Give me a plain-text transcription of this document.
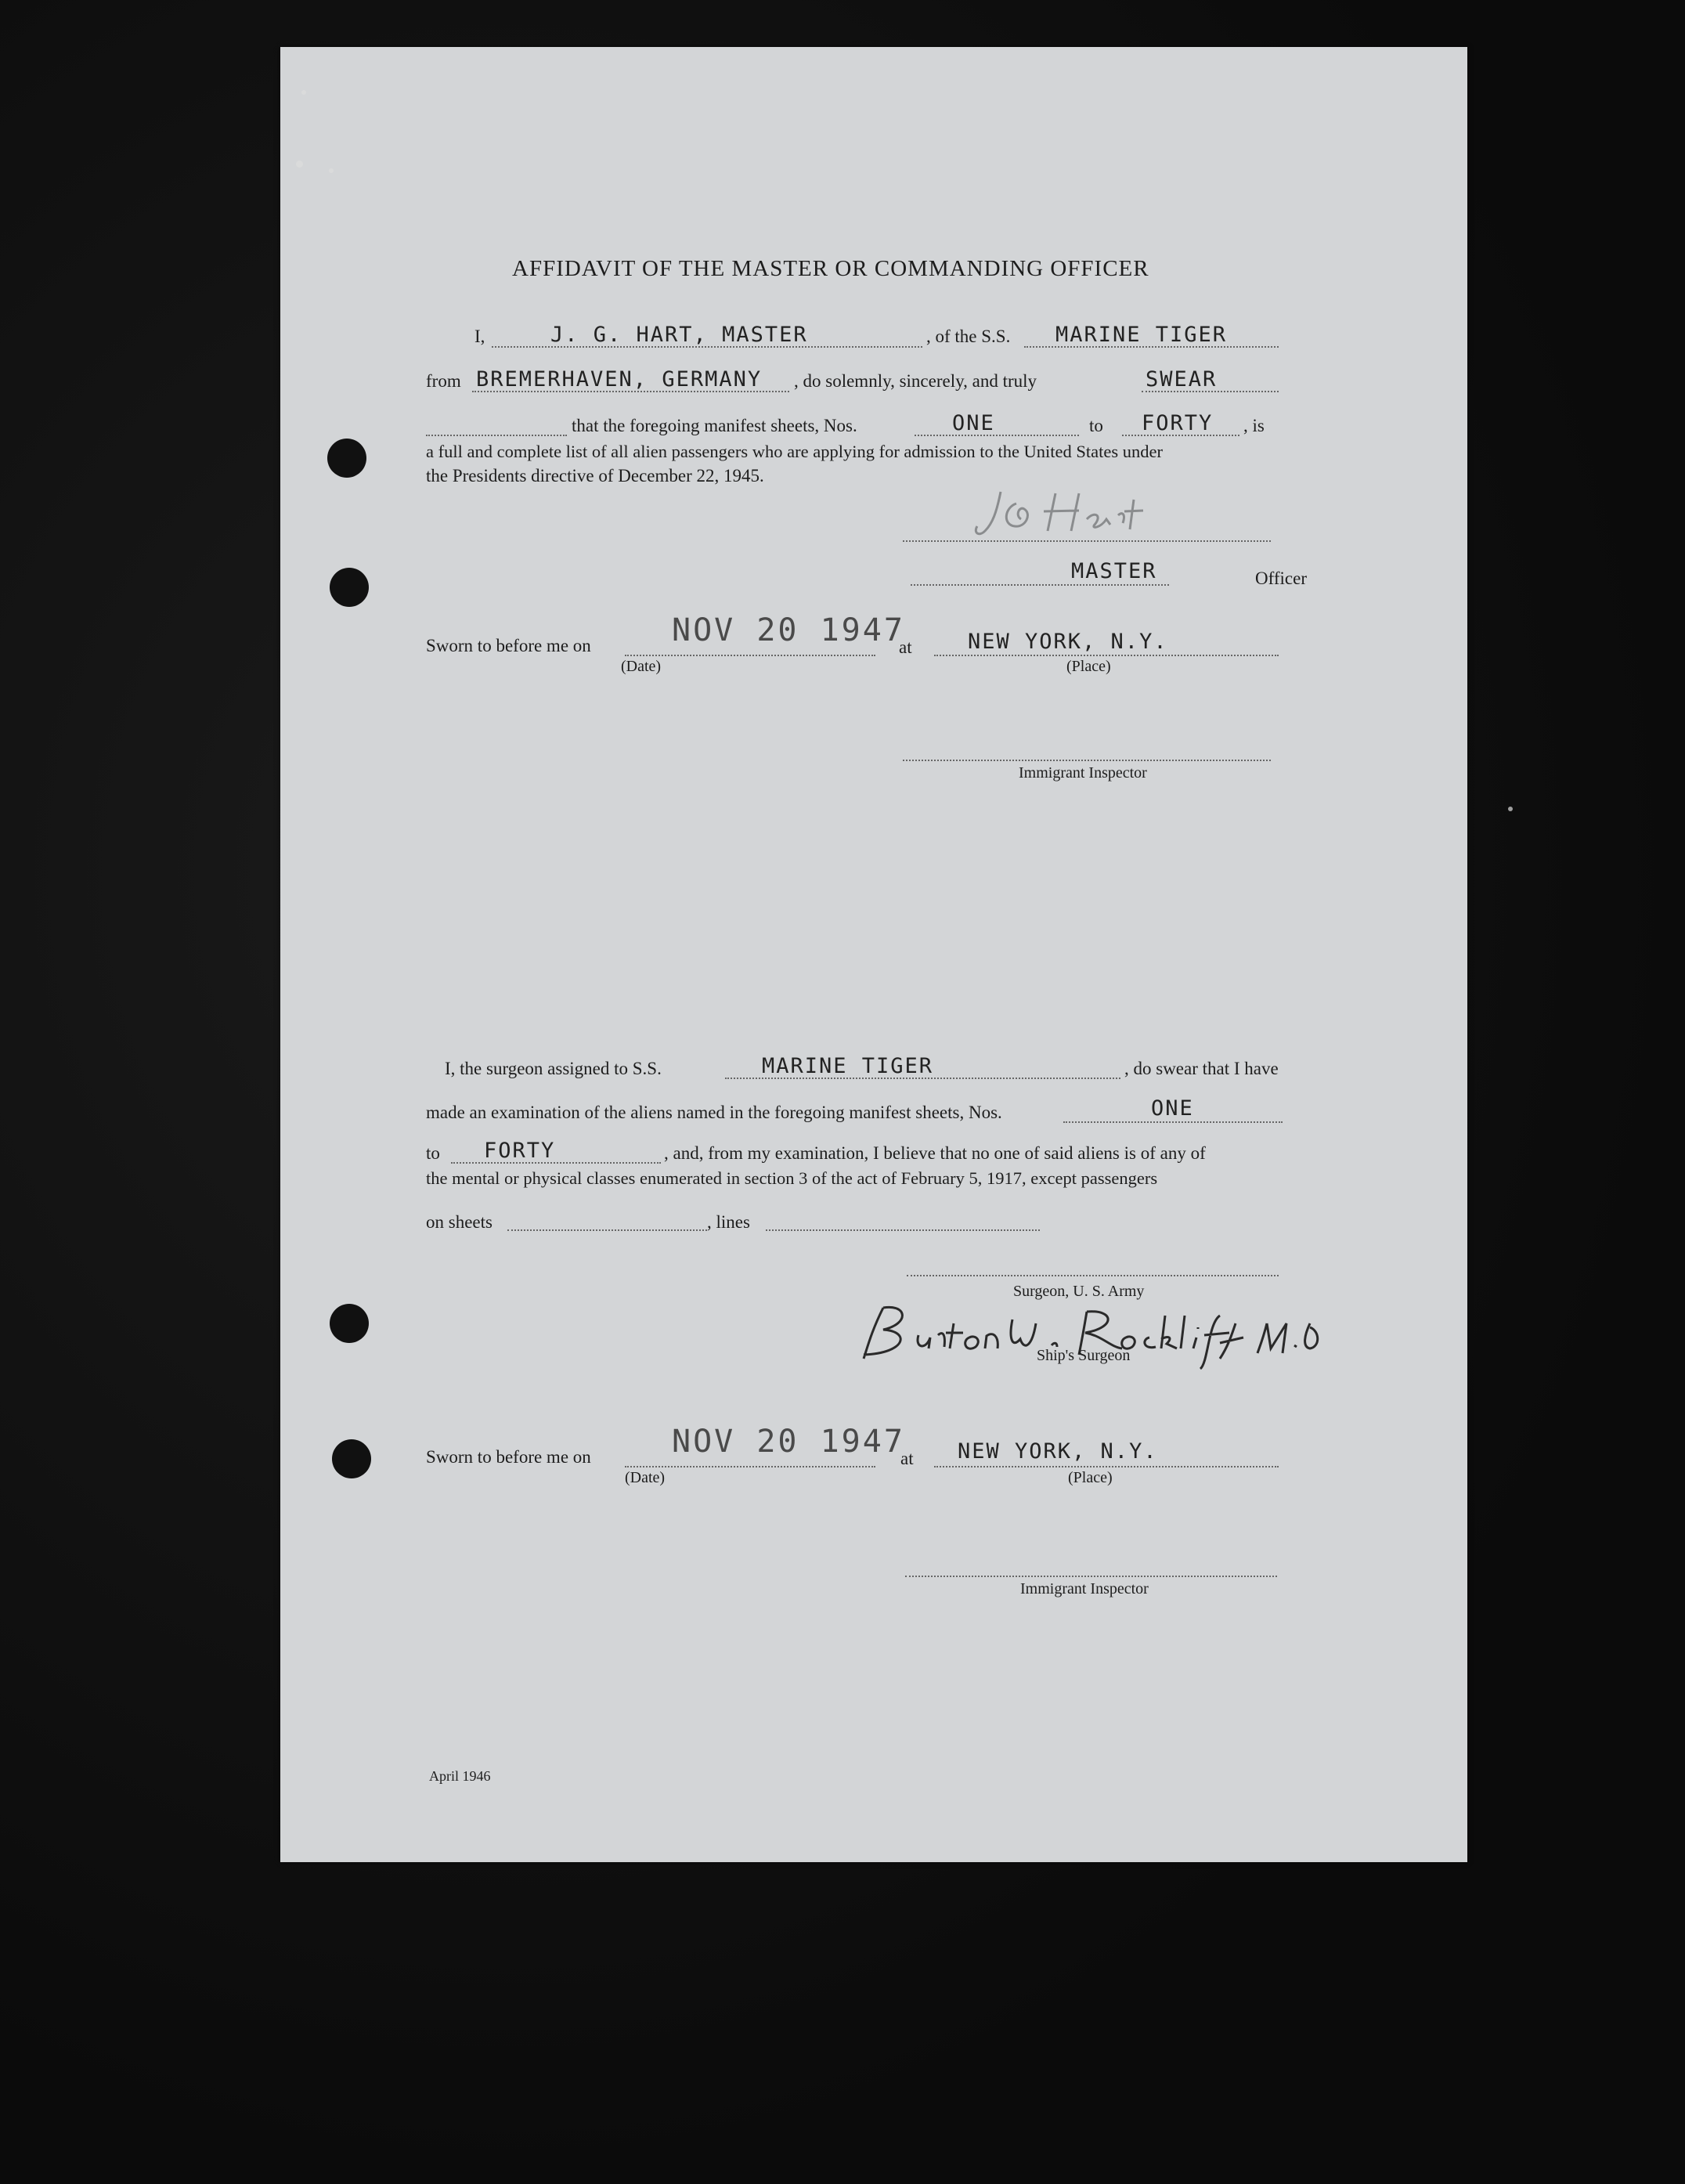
AFFIDAVIT OF THE MASTER OR COMMANDING OFFICER
I,	J. G. HART, MASTER	, of the S.S. MARINE TIGER
from BREMERHAVEN, GERMANY , do solemnly, sincerely, and truly	SWEAR
that the foregoing manifest sheets, Nos.	ONE	to FORTY , is
a full and complete list of all alien passengers who are applying for admission to the United States under
the Presidents directive of December 22, 1945.
MASTER	Officer
Sworn to before me on	NOV 20 1947
(Date)
at	NEW YORK, N.Y.
(Place)
Immigrant Inspector
I, the surgeon assigned to S.S.	MARINE TIGER	, do swear that I have
made an examination of the aliens named in the foregoing manifest sheets, Nos.	ONE
to FORTY	, and, from my examination, I believe that no one of said aliens is of any of
the mental or physical classes enumerated in section 3 of the act of February 5, 1917, except passengers
on sheets	, lines
Surgeon, U. S. Army
Ship's Surgeon
Sworn to before me on	NOV 20 1947
(Date)
at NEW YORK, N.Y.
(Place)
Immigrant Inspector
April 1946
